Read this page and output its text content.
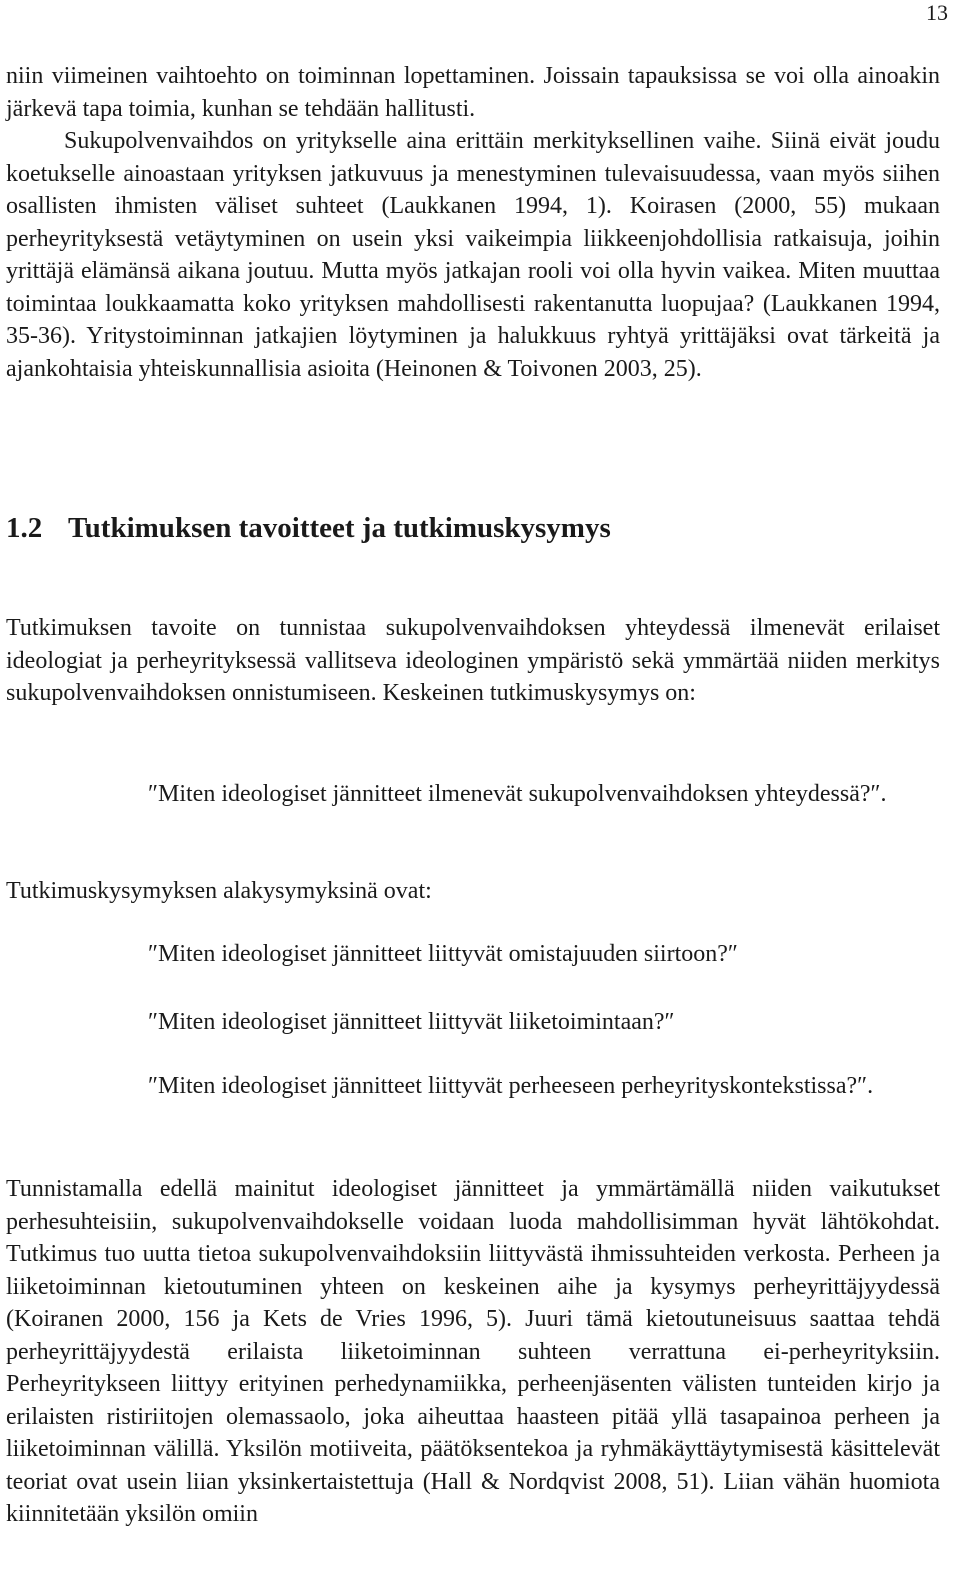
13

niin viimeinen vaihtoehto on toiminnan lopettaminen. Joissain tapauksissa se voi olla ainoakin järkevä tapa toimia, kunhan se tehdään hallitusti.

Sukupolvenvaihdos on yritykselle aina erittäin merkityksellinen vaihe. Siinä eivät joudu koetukselle ainoastaan yrityksen jatkuvuus ja menestyminen tulevaisuudessa, vaan myös siihen osallisten ihmisten väliset suhteet (Laukkanen 1994, 1). Koirasen (2000, 55) mukaan perheyrityksestä vetäytyminen on usein yksi vaikeimpia liikkeenjohdollisia ratkaisuja, joihin yrittäjä elämänsä aikana joutuu. Mutta myös jatkajan rooli voi olla hyvin vaikea. Miten muuttaa toimintaa loukkaamatta koko yrityksen mahdollisesti rakentanutta luopujaa? (Laukkanen 1994, 35-36). Yritystoiminnan jatkajien löytyminen ja halukkuus ryhtyä yrittäjäksi ovat tärkeitä ja ajankohtaisia yhteiskunnallisia asioita (Heinonen & Toivonen 2003, 25).

1.2 Tutkimuksen tavoitteet ja tutkimuskysymys

Tutkimuksen tavoite on tunnistaa sukupolvenvaihdoksen yhteydessä ilmenevät erilaiset ideologiat ja perheyrityksessä vallitseva ideologinen ympäristö sekä ymmärtää niiden merkitys sukupolvenvaihdoksen onnistumiseen. Keskeinen tutkimuskysymys on:

″Miten ideologiset jännitteet ilmenevät sukupolvenvaihdoksen yhteydessä?″.

Tutkimuskysymyksen alakysymyksinä ovat:

″Miten ideologiset jännitteet liittyvät omistajuuden siirtoon?″

″Miten ideologiset jännitteet liittyvät liiketoimintaan?″

″Miten ideologiset jännitteet liittyvät perheeseen perheyrityskontekstissa?″.

Tunnistamalla edellä mainitut ideologiset jännitteet ja ymmärtämällä niiden vaikutukset perhesuhteisiin, sukupolvenvaihdokselle voidaan luoda mahdollisimman hyvät lähtökohdat. Tutkimus tuo uutta tietoa sukupolvenvaihdoksiin liittyvästä ihmissuhteiden verkosta. Perheen ja liiketoiminnan kietoutuminen yhteen on keskeinen aihe ja kysymys perheyrittäjyydessä (Koiranen 2000, 156 ja Kets de Vries 1996, 5). Juuri tämä kietoutuneisuus saattaa tehdä perheyrittäjyydestä erilaista liiketoiminnan suhteen verrattuna ei-perheyrityksiin. Perheyritykseen liittyy erityinen perhedynamiikka, perheenjäsenten välisten tunteiden kirjo ja erilaisten ristiriitojen olemassaolo, joka aiheuttaa haasteen pitää yllä tasapainoa perheen ja liiketoiminnan välillä. Yksilön motiiveita, päätöksentekoa ja ryhmäkäyttäytymisestä käsittelevät teoriat ovat usein liian yksinkertaistettuja (Hall & Nordqvist 2008, 51). Liian vähän huomiota kiinnitetään yksilön omiin
